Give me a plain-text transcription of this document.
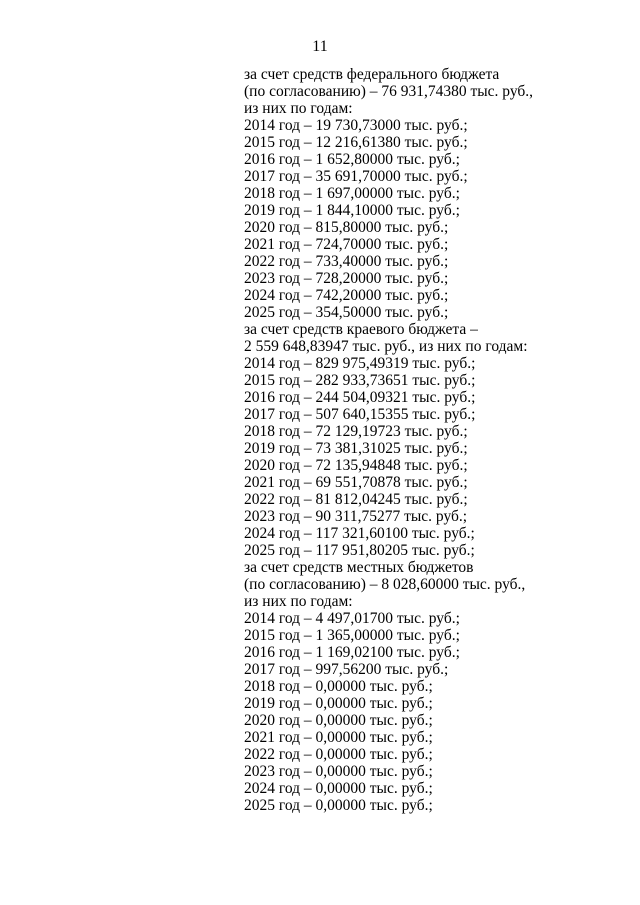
11
за счет средств федерального бюджета
(по согласованию) – 76 931,74380 тыс. руб.,
из них по годам:
2014 год – 19 730,73000 тыс. руб.;
2015 год – 12 216,61380 тыс. руб.;
2016 год – 1 652,80000 тыс. руб.;
2017 год – 35 691,70000 тыс. руб.;
2018 год – 1 697,00000 тыс. руб.;
2019 год – 1 844,10000 тыс. руб.;
2020 год – 815,80000 тыс. руб.;
2021 год – 724,70000 тыс. руб.;
2022 год – 733,40000 тыс. руб.;
2023 год – 728,20000 тыс. руб.;
2024 год – 742,20000 тыс. руб.;
2025 год – 354,50000 тыс. руб.;
за счет средств краевого бюджета –
2 559 648,83947 тыс. руб., из них по годам:
2014 год – 829 975,49319 тыс. руб.;
2015 год – 282 933,73651 тыс. руб.;
2016 год – 244 504,09321 тыс. руб.;
2017 год – 507 640,15355 тыс. руб.;
2018 год – 72 129,19723 тыс. руб.;
2019 год – 73 381,31025 тыс. руб.;
2020 год – 72 135,94848 тыс. руб.;
2021 год – 69 551,70878 тыс. руб.;
2022 год – 81 812,04245 тыс. руб.;
2023 год – 90 311,75277 тыс. руб.;
2024 год – 117 321,60100 тыс. руб.;
2025 год – 117 951,80205 тыс. руб.;
за счет средств местных бюджетов
(по согласованию) – 8 028,60000 тыс. руб.,
из них по годам:
2014 год – 4 497,01700 тыс. руб.;
2015 год – 1 365,00000 тыс. руб.;
2016 год – 1 169,02100 тыс. руб.;
2017 год – 997,56200 тыс. руб.;
2018 год – 0,00000 тыс. руб.;
2019 год – 0,00000 тыс. руб.;
2020 год – 0,00000 тыс. руб.;
2021 год – 0,00000 тыс. руб.;
2022 год – 0,00000 тыс. руб.;
2023 год – 0,00000 тыс. руб.;
2024 год – 0,00000 тыс. руб.;
2025 год – 0,00000 тыс. руб.;
